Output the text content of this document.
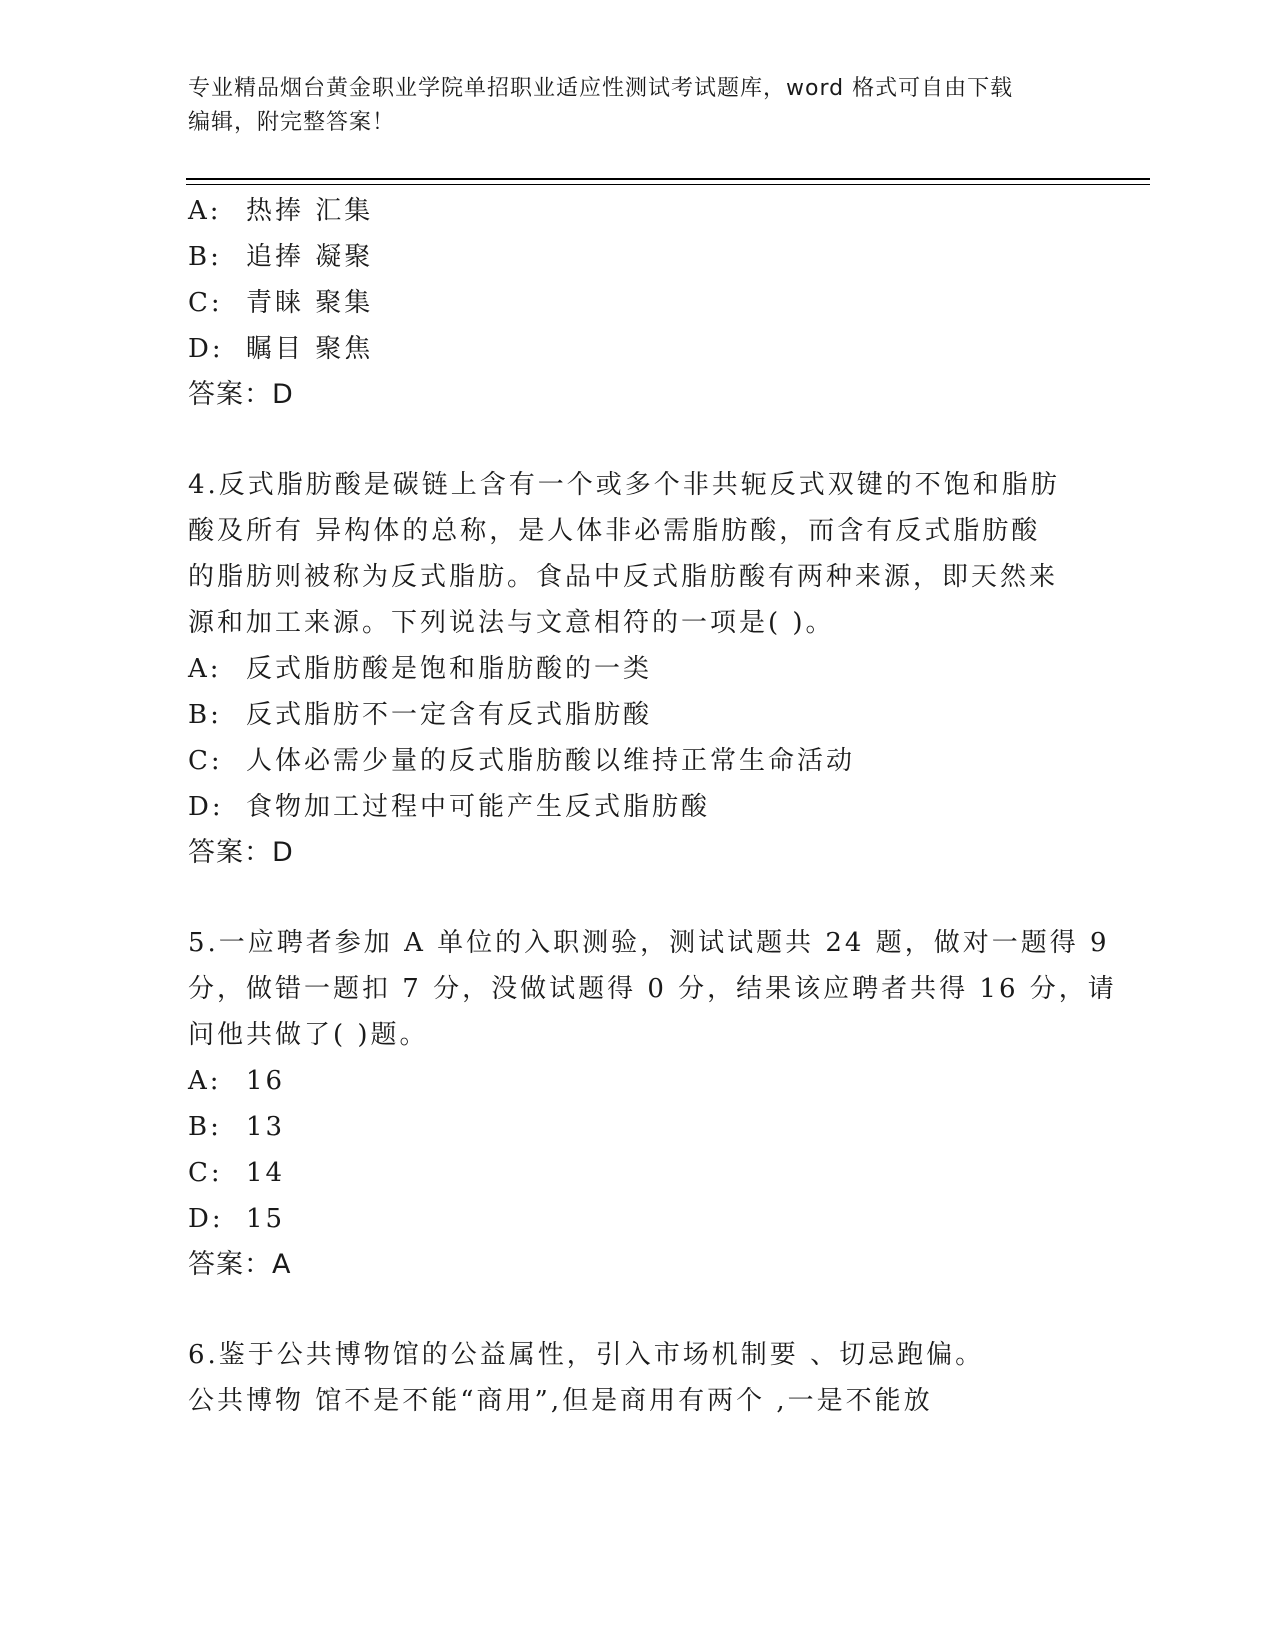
专业精品烟台黄金职业学院单招职业适应性测试考试题库，word 格式可自由下载
编辑，附完整答案！
A: 热捧 汇集
B: 追捧 凝聚
C: 青睐 聚集
D: 瞩目 聚焦
答案：D
4.反式脂肪酸是碳链上含有一个或多个非共轭反式双键的不饱和脂肪
酸及所有 异构体的总称，是人体非必需脂肪酸，而含有反式脂肪酸
的脂肪则被称为反式脂肪。食品中反式脂肪酸有两种来源，即天然来
源和加工来源。下列说法与文意相符的一项是( )。
A: 反式脂肪酸是饱和脂肪酸的一类
B: 反式脂肪不一定含有反式脂肪酸
C: 人体必需少量的反式脂肪酸以维持正常生命活动
D: 食物加工过程中可能产生反式脂肪酸
答案：D
5.一应聘者参加 A 单位的入职测验，测试试题共 24 题，做对一题得 9
分，做错一题扣 7 分，没做试题得 0 分，结果该应聘者共得 16 分，请
问他共做了( )题。
A: 16
B: 13
C: 14
D: 15
答案：A
6.鉴于公共博物馆的公益属性，引入市场机制要 、切忌跑偏。
公共博物 馆不是不能“商用”,但是商用有两个 ,一是不能放
